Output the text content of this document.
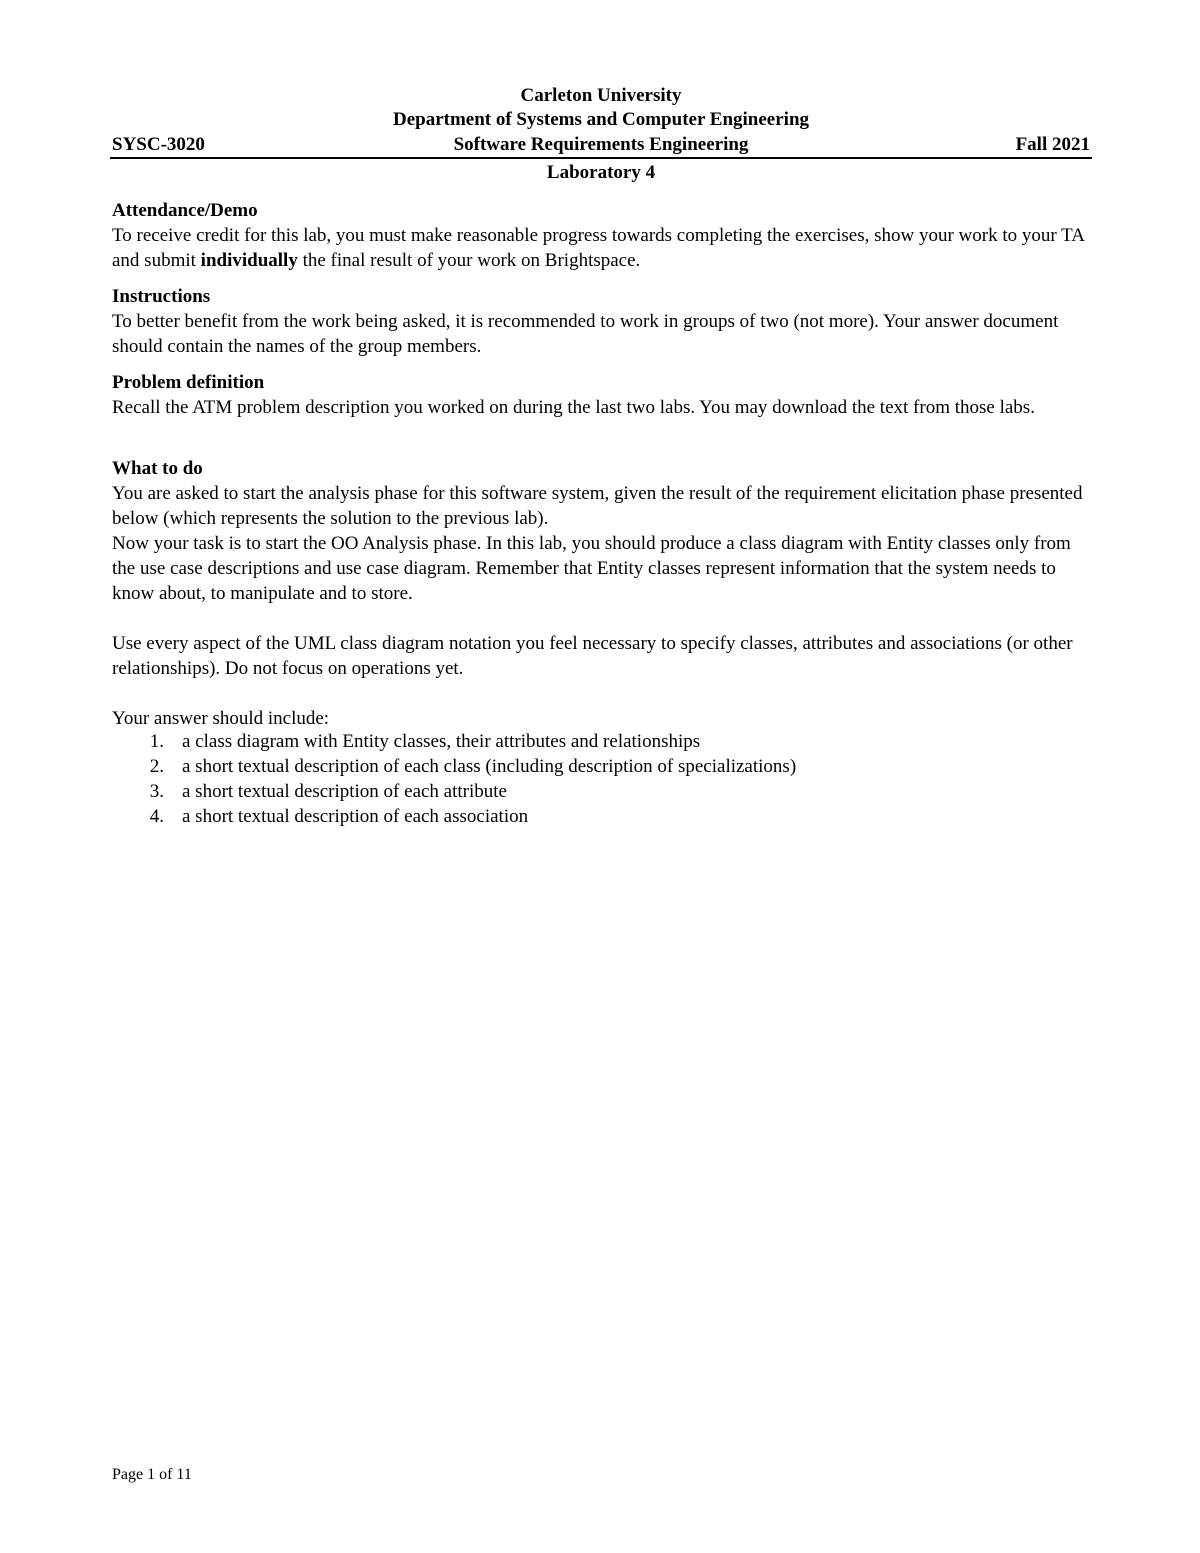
Carleton University
Department of Systems and Computer Engineering
SYSC-3020	Software Requirements Engineering	Fall 2021
Laboratory 4

Attendance/Demo

To receive credit for this lab, you must make reasonable progress towards completing the exercises, show your work to your TA and submit individually the final result of your work on Brightspace.

Instructions

To better benefit from the work being asked, it is recommended to work in groups of two (not more). Your answer document should contain the names of the group members.

Problem definition

Recall the ATM problem description you worked on during the last two labs. You may download the text from those labs.

What to do

You are asked to start the analysis phase for this software system, given the result of the requirement elicitation phase presented below (which represents the solution to the previous lab).

Now your task is to start the OO Analysis phase. In this lab, you should produce a class diagram with Entity classes only from the use case descriptions and use case diagram. Remember that Entity classes represent information that the system needs to know about, to manipulate and to store.

Use every aspect of the UML class diagram notation you feel necessary to specify classes, attributes and associations (or other relationships). Do not focus on operations yet.

Your answer should include:

1. a class diagram with Entity classes, their attributes and relationships
2. a short textual description of each class (including description of specializations)
3. a short textual description of each attribute
4. a short textual description of each association
Page 1 of 11
